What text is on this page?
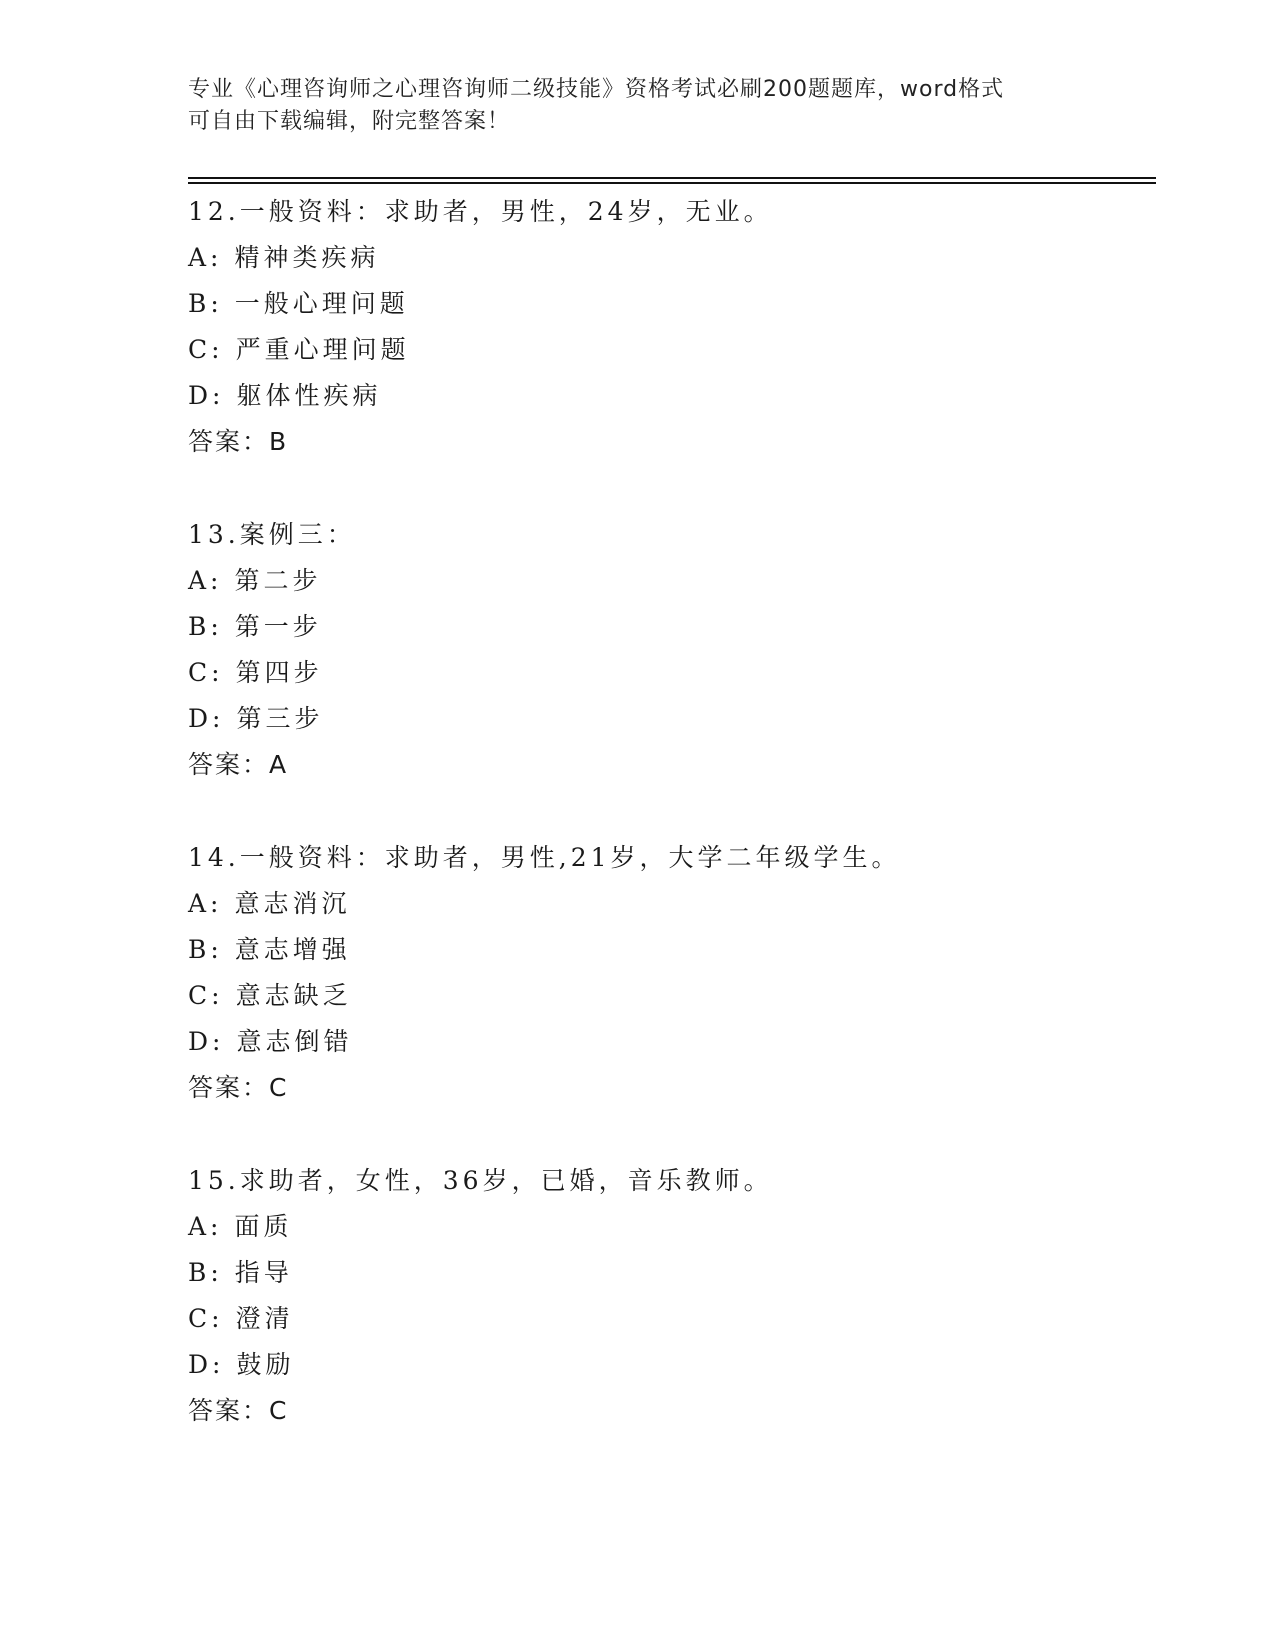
专业《心理咨询师之心理咨询师二级技能》资格考试必刷200题题库，word格式
可自由下载编辑，附完整答案！
12.一般资料：求助者，男性，24岁，无业。
A: 精神类疾病
B: 一般心理问题
C: 严重心理问题
D: 躯体性疾病
答案：B
13.案例三：
A: 第二步
B: 第一步
C: 第四步
D: 第三步
答案：A
14.一般资料：求助者，男性,21岁，大学二年级学生。
A: 意志消沉
B: 意志增强
C: 意志缺乏
D: 意志倒错
答案：C
15.求助者，女性，36岁，已婚，音乐教师。
A: 面质
B: 指导
C: 澄清
D: 鼓励
答案：C
